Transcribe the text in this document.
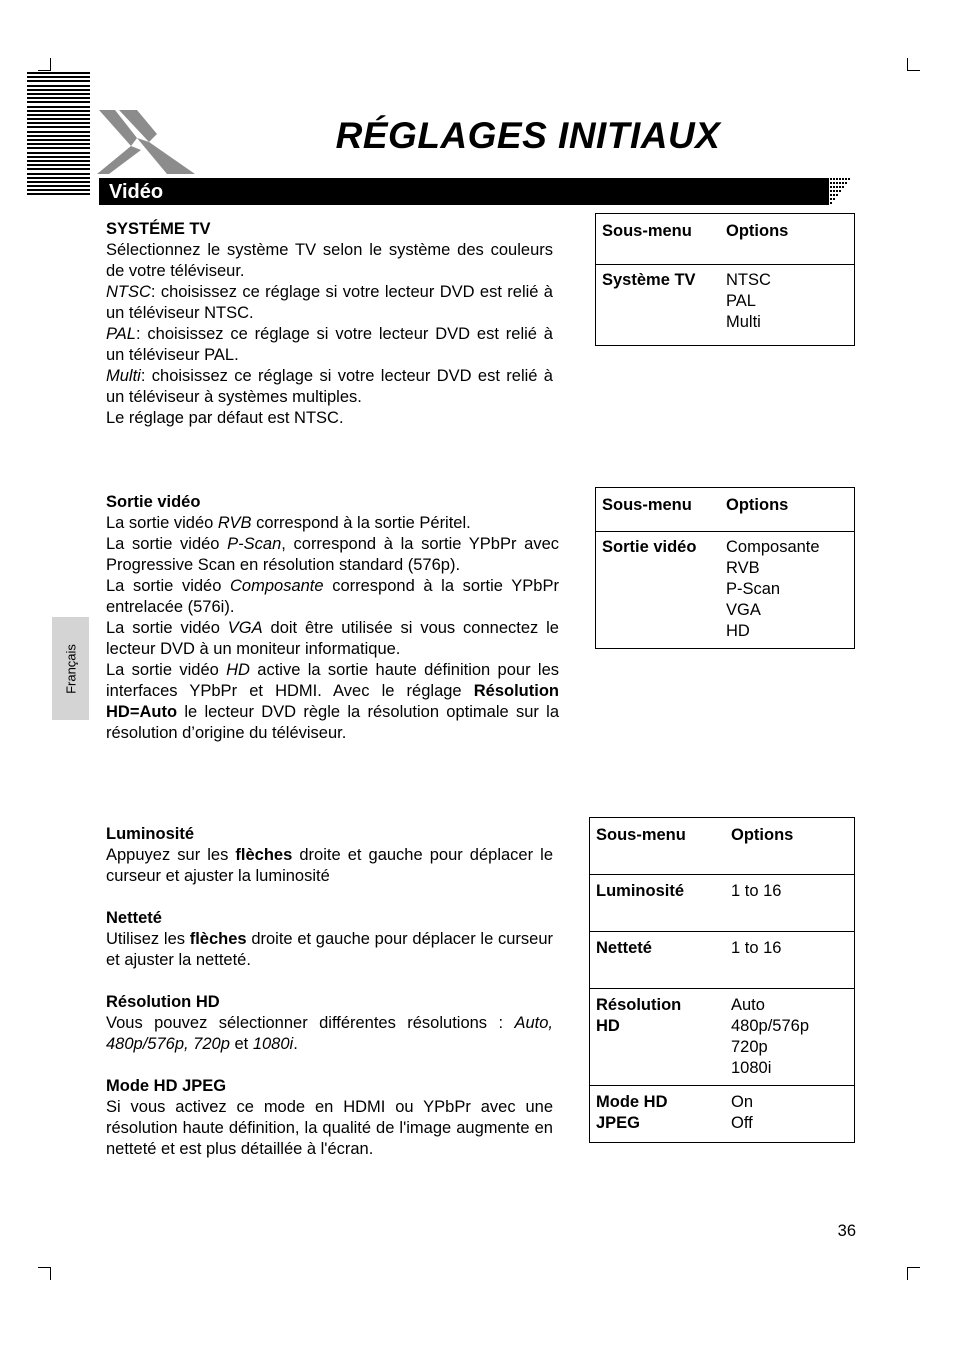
RÉGLAGES INITIAUX
Vidéo
Français

SYSTÉME TV

Sélectionnez le système TV selon le système des couleurs de votre téléviseur.

NTSC: choisissez ce réglage si votre lecteur DVD est relié à un téléviseur NTSC.

PAL: choisissez ce réglage si votre lecteur DVD est relié à un téléviseur PAL.

Multi: choisissez ce réglage si votre lecteur DVD est relié à un téléviseur à systèmes multiples.

Le réglage par défaut est NTSC.

Sous-menu	Options
Système TV	NTSC
PAL
Multi

Sortie vidéo

La sortie vidéo RVB correspond à la sortie Péritel.

La sortie vidéo P-Scan, correspond à la sortie YPbPr avec Progressive Scan en résolution standard (576p).

La sortie vidéo Composante correspond à la sortie YPbPr entrelacée (576i).

La sortie vidéo VGA doit être utilisée si vous connectez le lecteur DVD à un moniteur informatique.

La sortie vidéo HD active la sortie haute définition pour les interfaces YPbPr et HDMI. Avec le réglage Résolution HD=Auto le lecteur DVD règle la résolution optimale sur la résolution d’origine du téléviseur.

Sous-menu	Options
Sortie vidéo	Composante
RVB
P-Scan
VGA
HD

Luminosité

Appuyez sur les flèches droite et gauche pour déplacer le curseur et ajuster la luminosité

Netteté

Utilisez les flèches droite et gauche pour déplacer le curseur et ajuster la netteté.

Résolution HD

Vous pouvez sélectionner différentes résolutions : Auto, 480p/576p, 720p et 1080i.

Mode HD JPEG

Si vous activez ce mode en HDMI ou YPbPr avec une résolution haute définition, la qualité de l'image augmente en netteté et est plus détaillée à l'écran.

Sous-menu	Options
Luminosité	1 to 16

Netteté	1 to 16

Résolution HD	Auto
480p/576p
720p
1080i

Mode HD JPEG	On
Off
36
